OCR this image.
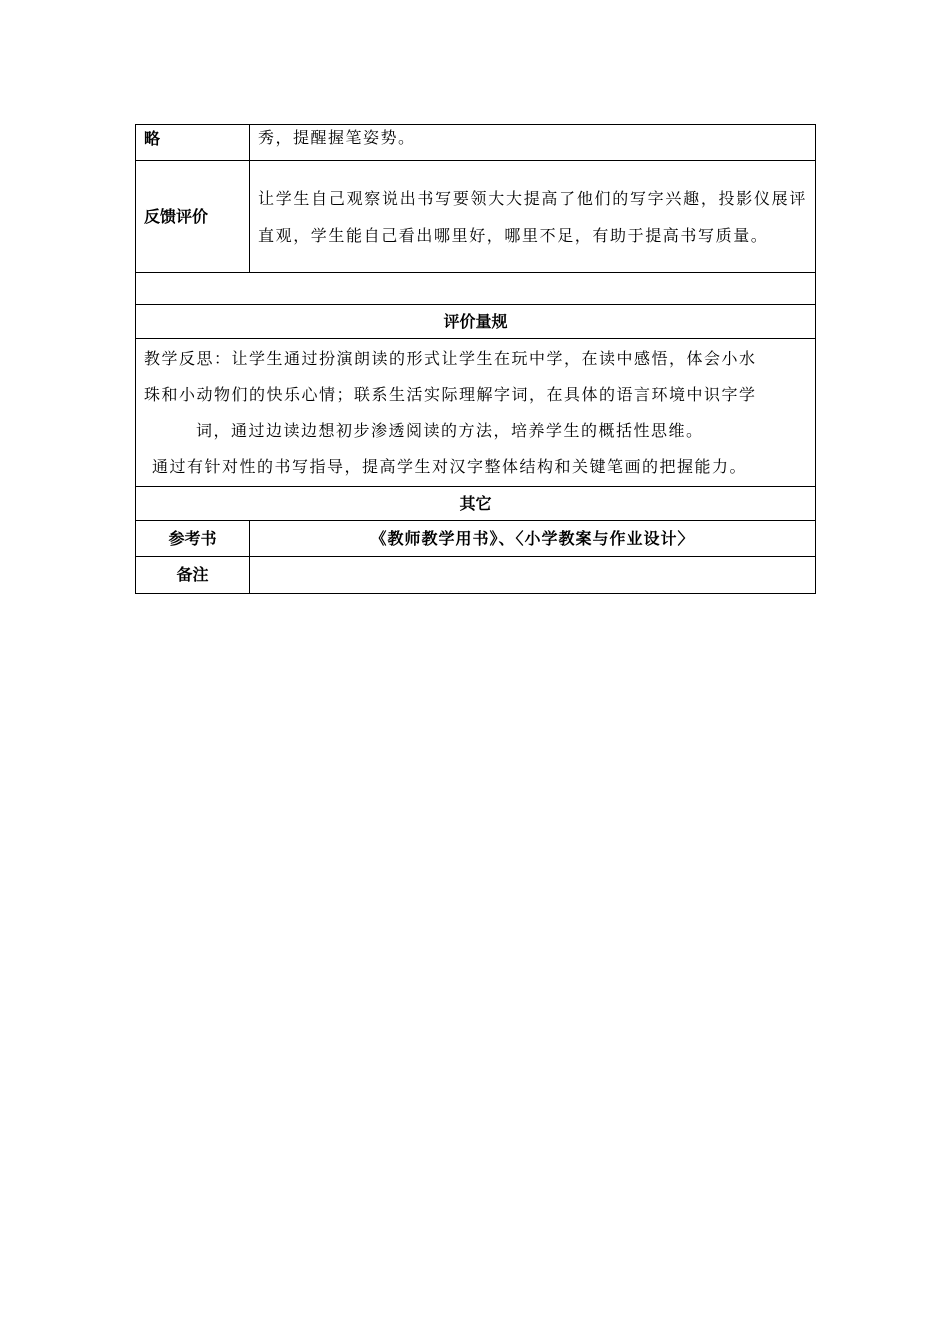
略	秀，提醒握笔姿势。
反馈评价	让学生自己观察说出书写要领大大提高了他们的写字兴趣，投影仪展评直观，学生能自己看出哪里好，哪里不足，有助于提高书写质量。

评价量规	

教学反思：让学生通过扮演朗读的形式让学生在玩中学，在读中感悟，体会小水
珠和小动物们的快乐心情；联系生活实际理解字词，在具体的语言环境中识字学
词，通过边读边想初步渗透阅读的方法，培养学生的概括性思维。
通过有针对性的书写指导，提高学生对汉字整体结构和关键笔画的把握能力。	

其它	
参考书	《教师教学用书》、〈小学教案与作业设计〉
备注	
